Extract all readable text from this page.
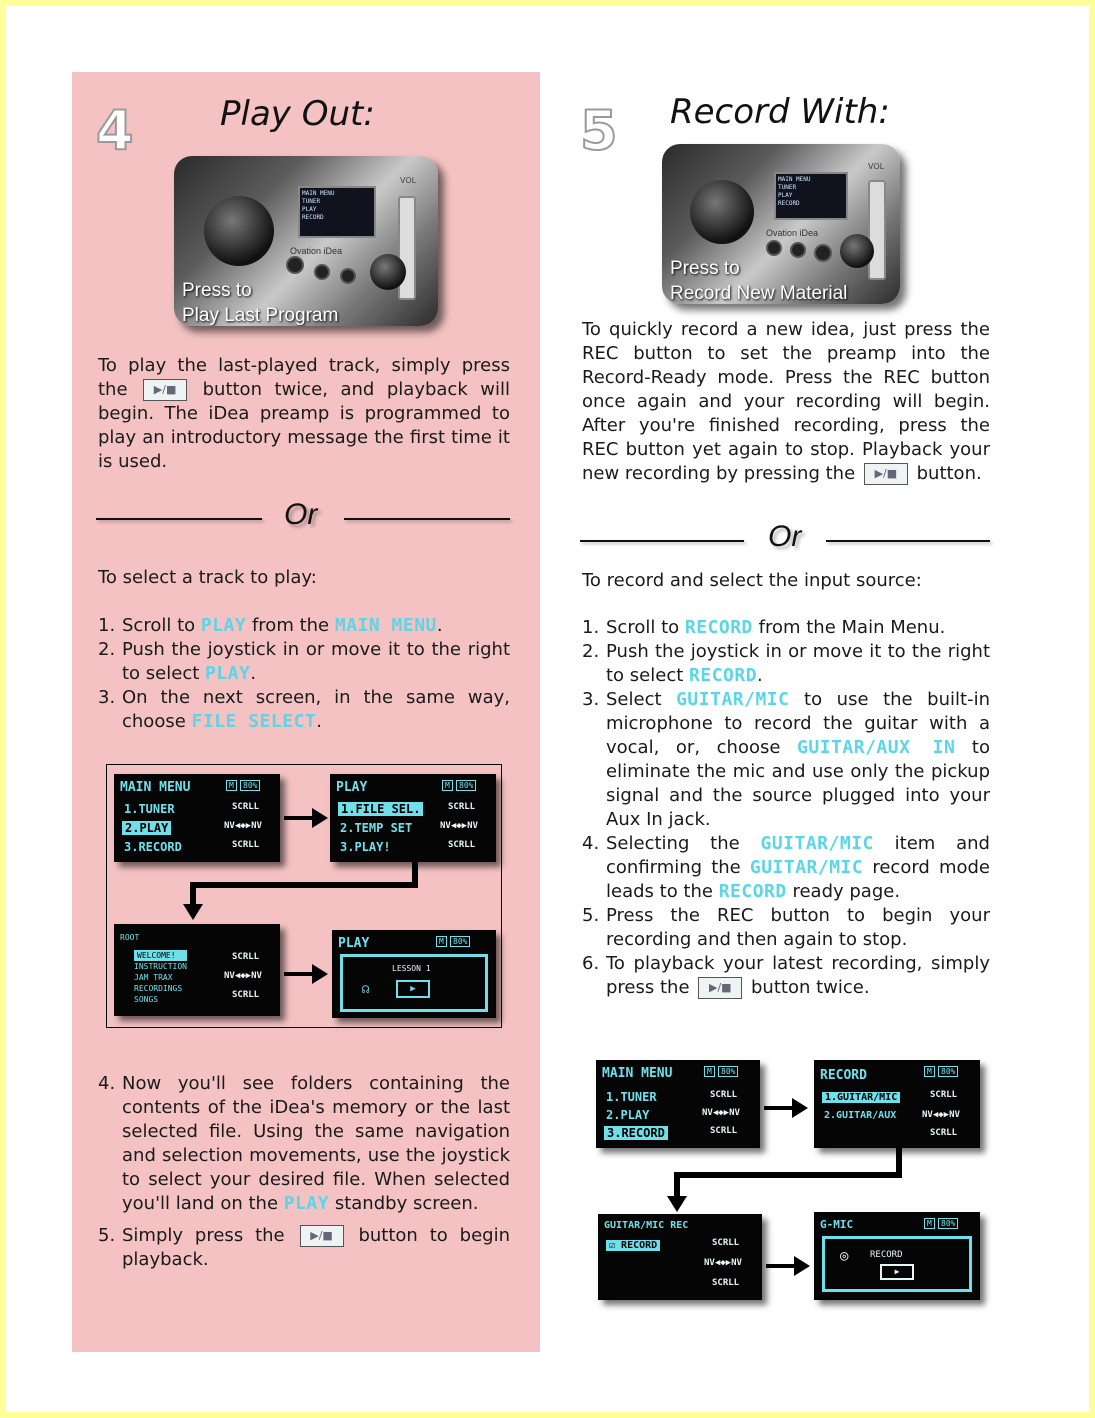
4	Play Out:
VOL
MAIN MENU
TUNER
PLAY
RECORD
Ovation iDea
Press to
Play Last Program
To play the last-played track, simply press the ▶/■ button twice, and playback will begin. The iDea preamp is programmed to play an introductory message the first time it is used.
Or
To select a track to play:
1. Scroll to PLAY from the MAIN MENU.
2. Push the joystick in or move it to the right to select PLAY.
3. On the next screen, in the same way, choose FILE SELECT.
MAIN MENU	M	80%
1.TUNER
2.PLAY
3.RECORD
SCRLL
NV◀◆▶NV
SCRLL
PLAY	M	80%
1.FILE SEL.
2.TEMP SET
3.PLAY!
SCRLL
NV◀◆▶NV
SCRLL
ROOT
WELCOME!
INSTRUCTION
JAM TRAX
RECORDINGS
SONGS
SCRLL
NV◀◆▶NV
SCRLL
PLAY	M	80%
LESSON 1
☊	▶
4. Now you'll see folders containing the contents of the iDea's memory or the last selected file. Using the same navigation and selection movements, use the joystick to select your desired file. When selected you'll land on the PLAY standby screen.
5. Simply press the ▶/■ button to begin playback.
5 Record With:
VOL
MAIN MENU
TUNER
PLAY
RECORD
Ovation iDea
Press to
Record New Material
To quickly record a new idea, just press the REC button to set the preamp into the Record-Ready mode. Press the REC button once again and your recording will begin. After you're finished recording, press the REC button yet again to stop. Playback your new recording by pressing the ▶/■ button.
Or
To record and select the input source:
1. Scroll to RECORD from the Main Menu.
2. Push the joystick in or move it to the right to select RECORD.
3. Select GUITAR/MIC to use the built-in microphone to record the guitar with a vocal, or, choose GUITAR/AUX IN to eliminate the mic and use only the pickup signal and the source plugged into your Aux In jack.
4. Selecting the GUITAR/MIC item and confirming the GUITAR/MIC record mode leads to the RECORD ready page.
5. Press the REC button to begin your recording and then again to stop.
6. To playback your latest recording, simply press the ▶/■ button twice.
MAIN MENU	M	80%
1.TUNER
2.PLAY
3.RECORD
SCRLL
NV◀◆▶NV
SCRLL
RECORD	M	80%
1.GUITAR/MIC
2.GUITAR/AUX
SCRLL
NV◀◆▶NV
SCRLL
GUITAR/MIC REC
☑ RECORD	SCRLL
NV◀◆▶NV
SCRLL
G-MIC	M	80%
◎ RECORD
▶
